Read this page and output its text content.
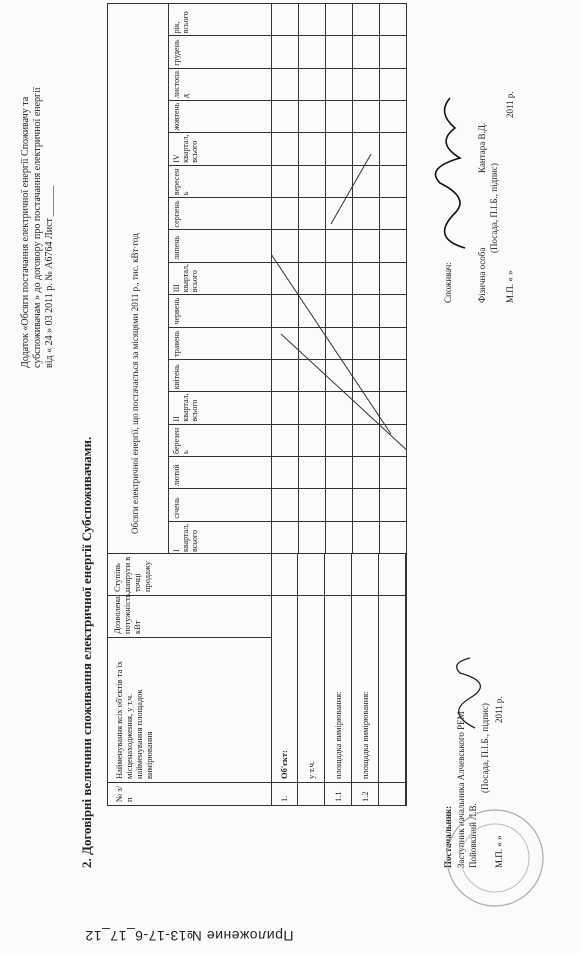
Додаток «Обсяги постачання електричної енергії Споживачу та субспоживачам » до договору про постачання електричної енергії від « 24 » 03 2011 р. № А6764 Лист ______
2. Договірні величини споживання електричної енергії Субспоживачами. № з/п
Найменування всіх об'єктів та їх місценаходження, у т.ч. найменування площадок вимірювання
Дозволена потужність, кВт
Ступінь напруги в точці продажу
Обсяги електричної енергії, що постачається за місяцями 2011 р., тис. кВт·год
І квартал, всього
січень
лютий
березень
ІІ квартал, всього
квітень
травень
червень
ІІІ квартал, всього
липень
серпень
вересень
IV квартал, всього
жовтень
листопад
грудень
рік, всього
1.
Об'єкт: у т.ч.
1.1
площадка вимірювання:
1.2
площадка вимірювання:
Постачальник: Заступник начальника Алчевського РЕМ Пойовкіний Л.В.
(Посада, П.І.Б., підпис)
М.П. « »
2011 р.
Споживач:	Фізична особа
Кантара В.Д.
(Посада, П.І.Б., підпис)
М.П. « »
2011 р.
Приложение №13-17-6_17_12
